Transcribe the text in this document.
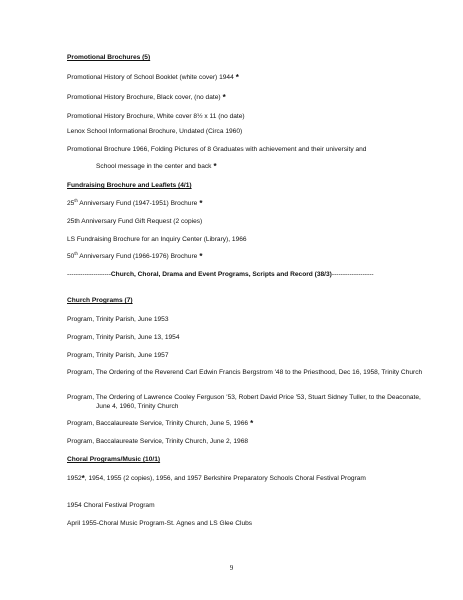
Promotional Brochures (5)
Promotional History of School Booklet (white cover) 1944 *
Promotional History Brochure, Black cover, (no date) *
Promotional History Brochure, White cover 8½ x 11 (no date)
Lenox School Informational Brochure, Undated (Circa 1960)
Promotional Brochure 1966, Folding Pictures of 8 Graduates with achievement and their university and
School message in the center and back *
Fundraising Brochure and Leaflets (4/1)
25th Anniversary Fund (1947-1951) Brochure *
25th Anniversary Fund Gift Request (2 copies)
LS Fundraising Brochure for an Inquiry Center (Library), 1966
50th Anniversary Fund (1966-1976) Brochure *
--------------------Church, Choral, Drama and Event Programs, Scripts and Record (38/3)-------------------
Church Programs (7)
Program, Trinity Parish, June 1953
Program, Trinity Parish, June 13, 1954
Program, Trinity Parish, June 1957
Program, The Ordering of the Reverend Carl Edwin Francis Bergstrom '48 to the Priesthood, Dec 16, 1958, Trinity Church
Program, The Ordering of Lawrence Cooley Ferguson '53, Robert David Price '53, Stuart Sidney Tuller, to the Deaconate, June 4, 1960, Trinity Church
Program, Baccalaureate Service, Trinity Church, June 5, 1966 *
Program, Baccalaureate Service, Trinity Church, June 2, 1968
Choral Programs/Music (10/1)
1952*, 1954, 1955 (2 copies), 1956, and 1957 Berkshire Preparatory Schools Choral Festival Program
1954 Choral Festival Program
April 1955-Choral Music Program-St. Agnes and LS Glee Clubs
9
